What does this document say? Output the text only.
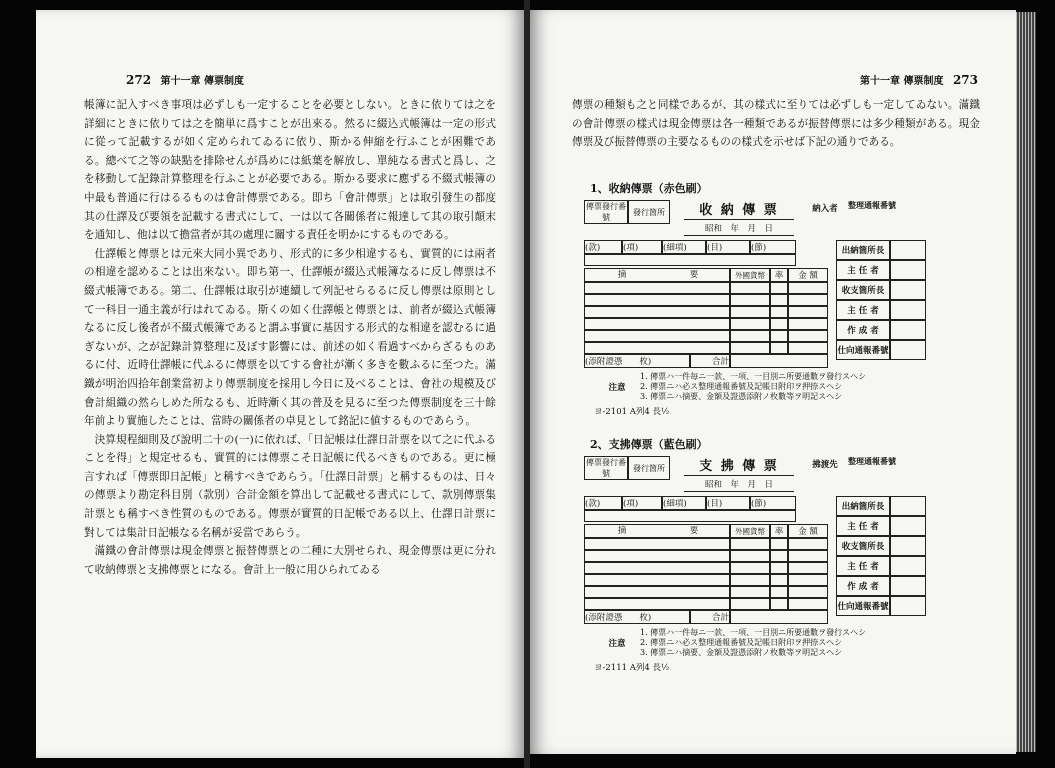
272 第十一章 傳票制度

帳簿に記入すべき事項は必ずしも一定することを必要としない。ときに依りては之を詳細にときに依りては之を簡単に爲すことが出來る。然るに綴込式帳簿は一定の形式に從って記載するが如く定められてゐるに依り、斯かる伸縮を行ふことが困難である。總べて之等の缺點を排除せんが爲めには紙葉を解放し、單純なる書式と爲し、之を移動して記錄計算整理を行ふことが必要である。斯かる要求に應ずる不綴式帳簿の中最も普通に行はるるものは會計傳票である。即ち「會計傳票」とは取引發生の都度其の仕譯及び要領を記載する書式にして、一は以て各關係者に報達して其の取引顛末を通知し、他は以て擔當者が其の處理に關する責任を明かにするものである。

仕譯帳と傳票とは元來大同小異であり、形式的に多少相違するも、實質的には兩者の相違を認めることは出來ない。即ち第一、仕譯帳が綴込式帳簿なるに反し傳票は不綴式帳簿である。第二、仕譯帳は取引が連續して列記せらるるに反し傳票は原則として一科目一通主義が行はれてゐる。斯くの如く仕譯帳と傳票とは、前者が綴込式帳簿なるに反し後者が不綴式帳簿であると謂ふ事實に基因する形式的な相違を認むるに過ぎないが、之が記錄計算整理に及ぼす影響には、前述の如く看過すべからざるものあるに付、近時仕譯帳に代ふるに傳票を以てする會社が漸く多きを數ふるに至つた。滿鐵が明治四拾年創業當初より傳票制度を採用し今日に及べることは、會社の規模及び會計組織の然らしめた所なるも、近時漸く其の普及を見るに至つた傳票制度を三十餘年前より實施したことは、當時の關係者の卓見として銘記に値するものであらう。

決算規程細則及び說明二十の(一)に依れば、「日記帳は仕譯日計票を以て之に代ふることを得」と規定せるも、實質的には傳票こそ日記帳に代るべきものである。更に極言すれば「傳票即日記帳」と稱すべきであらう。「仕譯日計票」と稱するものは、日々の傳票より勘定科目別（款別）合計金額を算出して記載せる書式にして、款別傳票集計票とも稱すべき性質のものである。傳票が實質的日記帳である以上、仕譯日計票に對しては集計日記帳なる名稱が妥當であらう。

滿鐵の會計傳票は現金傳票と振替傳票との二種に大別せられ、現金傳票は更に分れて收納傳票と支拂傳票とになる。會計上一般に用ひられてゐる

第十一章 傳票制度 273

傳票の種類も之と同樣であるが、其の樣式に至りては必ずしも一定してゐない。滿鐵の會計傳票の樣式は現金傳票は各一種類であるが振替傳票には多少種類がある。現金傳票及び振替傳票の主要なるものの樣式を示せば下記の通りである。

1、收納傳票（赤色刷）
傳票發行番號
發行箇所	收 納 傳 票	納入者	整理通報番號
昭和　年　月　日
(款)	(項)	(細項)	(目)	(節)
摘	要	外國貨幣	率	金 額
(添附證憑　　枚)	合計
出納箇所長
主 任 者
收支箇所長
主 任 者
作 成 者
仕向通報番號
注意
1. 傳票ハ一件毎ニ一款、一項、一目別ニ所要通數ヲ發行スヘシ
2. 傳票ニハ必ス整理通報番號及記帳日附印ヲ押捺スヘシ
3. 傳票ニハ摘要、金額及證憑添附ノ枚數等ヲ明記スヘシ
ヨ-2101 A列4 長½
2、支拂傳票（藍色刷）
傳票發行番號
發行箇所	支 拂 傳 票	拂渡先	整理通報番號
昭和　年　月　日
(款)	(項)	(細項)	(目)	(節)
摘	要	外國貨幣	率	金 額
(添附證憑　　枚)	合計
出納箇所長
主 任 者
收支箇所長
主 任 者
作 成 者
仕向通報番號
注意
1. 傳票ハ一件毎ニ一款、一項、一目別ニ所要通數ヲ發行スヘシ
2. 傳票ニハ必ス整理通報番號及記帳日附印ヲ押捺スヘシ
3. 傳票ニハ摘要、金額及證憑添附ノ枚數等ヲ明記スヘシ
ヨ-2111 A列4 長½
